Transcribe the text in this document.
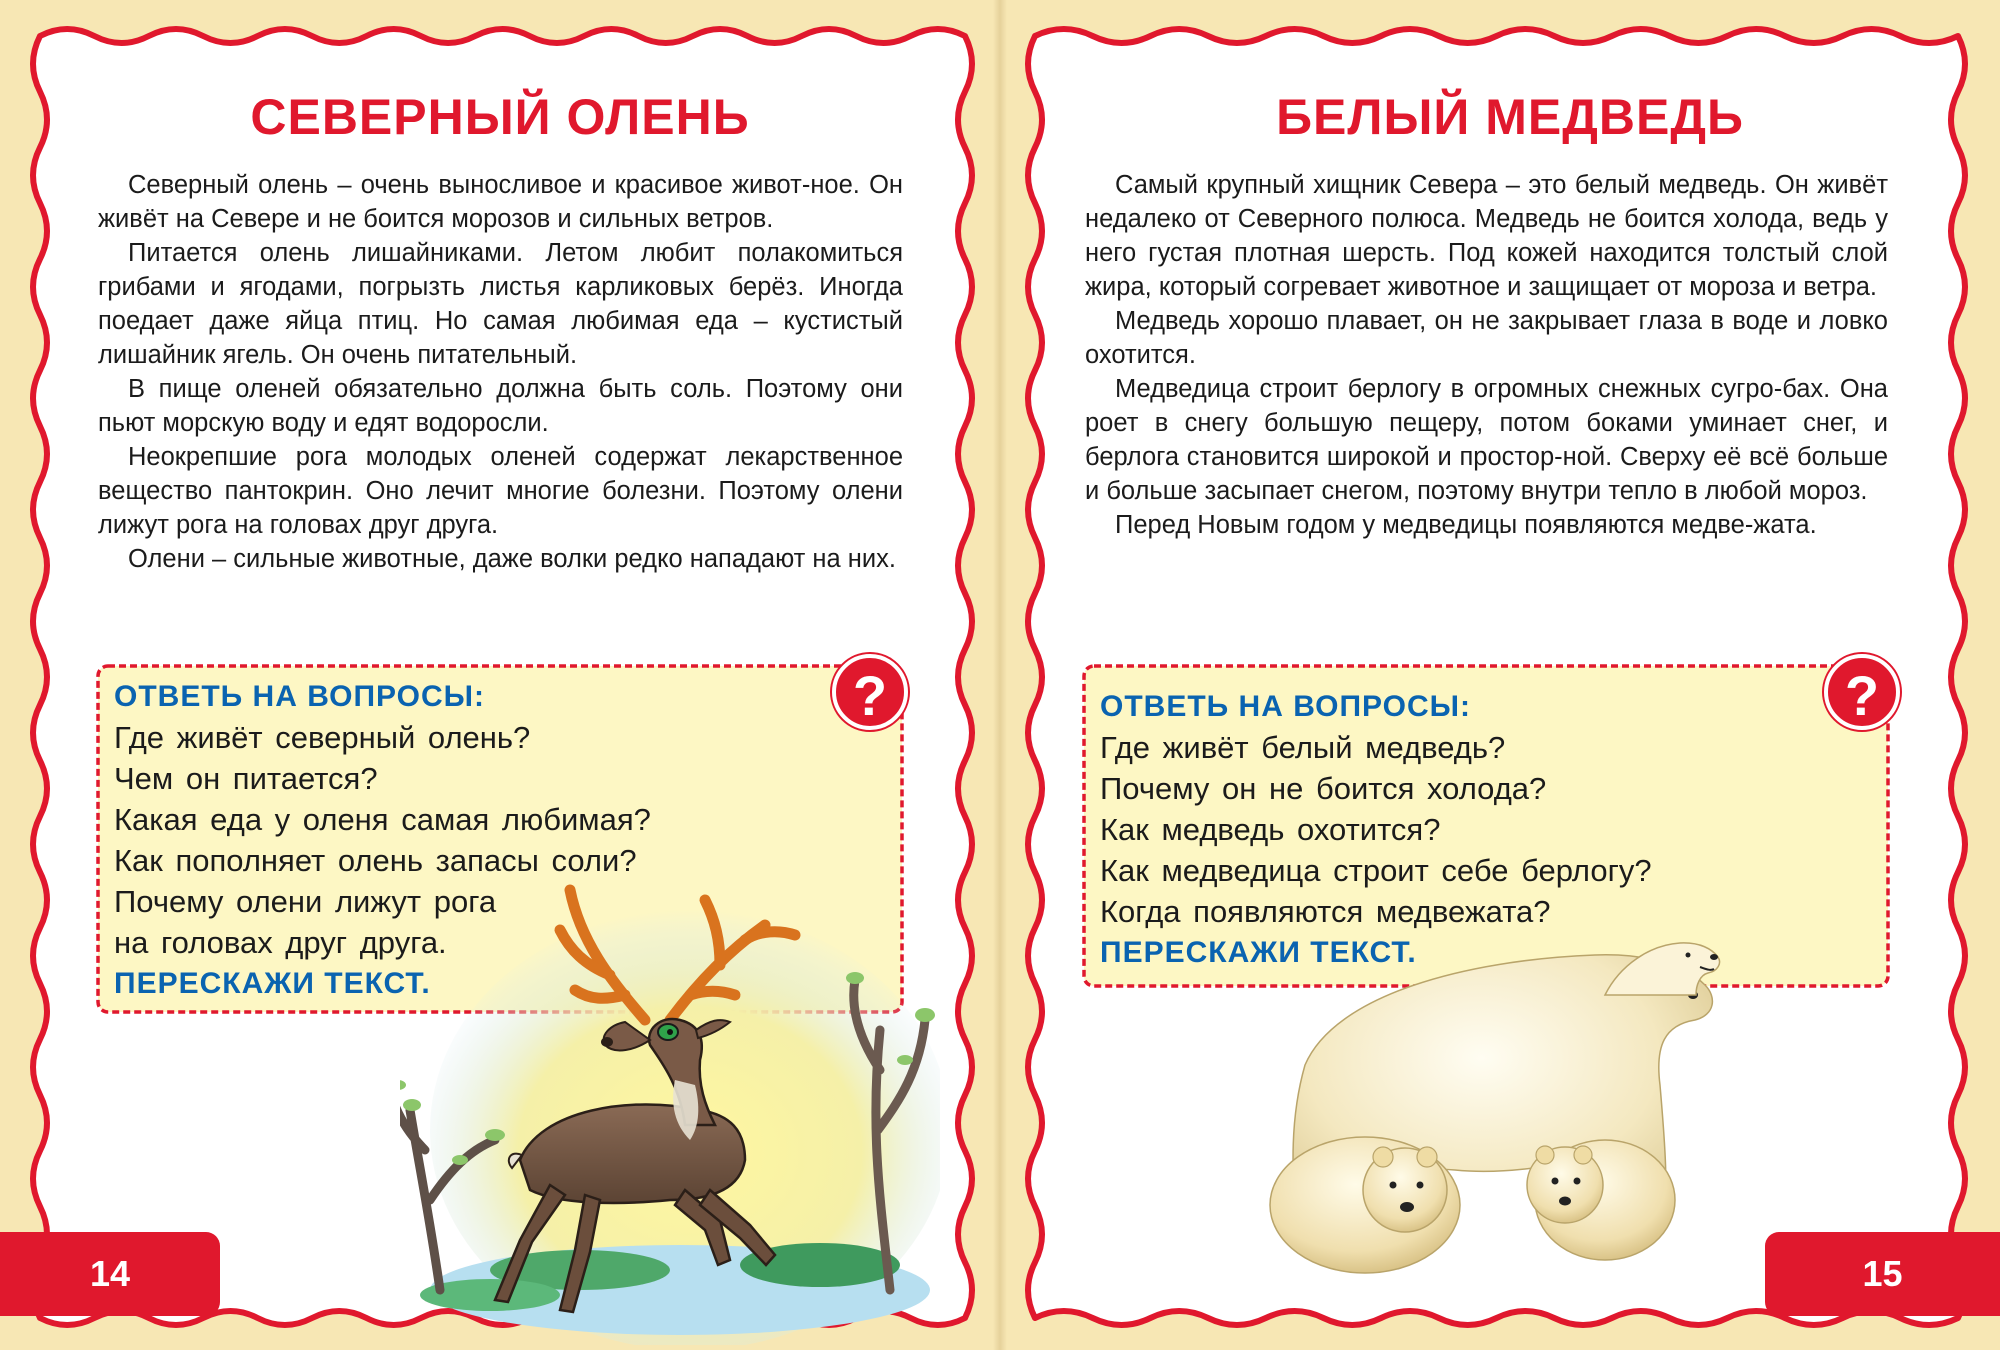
СЕВЕРНЫЙ ОЛЕНЬ

Северный олень – очень выносливое и красивое живот-ное. Он живёт на Севере и не боится морозов и сильных ветров.

Питается олень лишайниками. Летом любит полакомиться грибами и ягодами, погрызть листья карликовых берёз. Иногда поедает даже яйца птиц. Но самая любимая еда – кустистый лишайник ягель. Он очень питательный.

В пище оленей обязательно должна быть соль. Поэтому они пьют морскую воду и едят водоросли.

Неокрепшие рога молодых оленей содержат лекарственное вещество пантокрин. Оно лечит многие болезни. Поэтому олени лижут рога на головах друг друга.

Олени – сильные животные, даже волки редко нападают на них.

?
ОТВЕТЬ НА ВОПРОСЫ:
Где живёт северный олень?
Чем он питается?
Какая еда у оленя самая любимая?
Как пополняет олень запасы соли?
Почему олени лижут рога
на головах друг друга.
ПЕРЕСКАЖИ ТЕКСТ.
14
БЕЛЫЙ МЕДВЕДЬ

Самый крупный хищник Севера – это белый медведь. Он живёт недалеко от Северного полюса. Медведь не боится холода, ведь у него густая плотная шерсть. Под кожей находится толстый слой жира, который согревает животное и защищает от мороза и ветра.

Медведь хорошо плавает, он не закрывает глаза в воде и ловко охотится.

Медведица строит берлогу в огромных снежных сугро-бах. Она роет в снегу большую пещеру, потом боками уминает снег, и берлога становится широкой и простор-ной. Сверху её всё больше и больше засыпает снегом, поэтому внутри тепло в любой мороз.

Перед Новым годом у медведицы появляются медве-жата.

?
ОТВЕТЬ НА ВОПРОСЫ:
Где живёт белый медведь?
Почему он не боится холода?
Как медведь охотится?
Как медведица строит себе берлогу?
Когда появляются медвежата?
ПЕРЕСКАЖИ ТЕКСТ.
15
